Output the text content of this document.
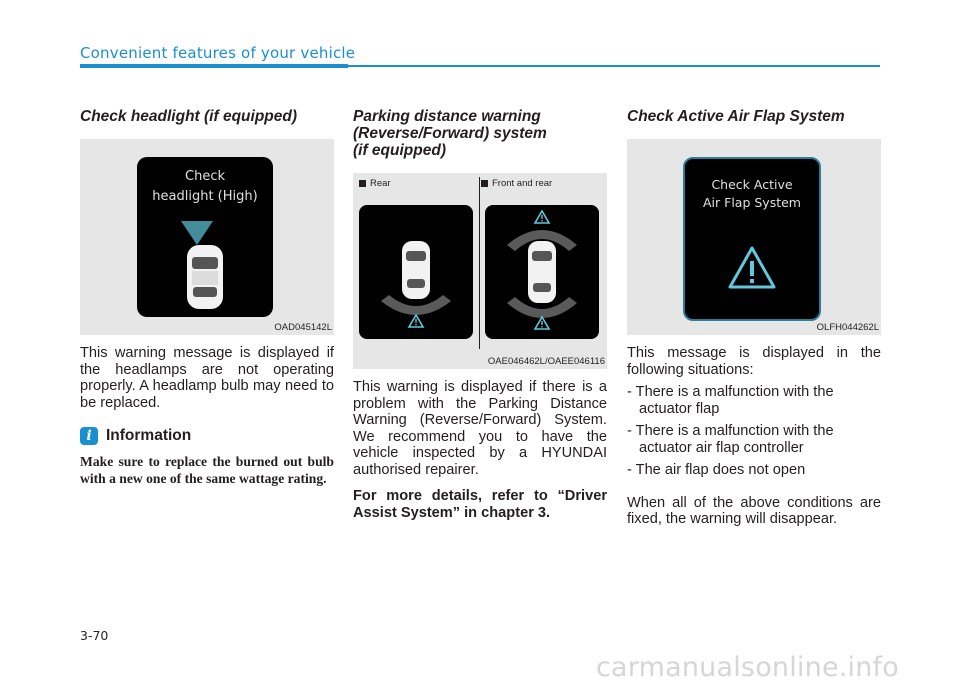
Convenient features of your vehicle
Check headlight (if equipped)
Check
headlight (High)
OAD045142L

This warning message is displayed if the headlamps are not operating properly. A headlamp bulb may need to be replaced.

i Information

Make sure to replace the burned out bulb with a new one of the same wattage rating.

Parking distance warning
(Reverse/Forward) system
(if equipped)
Rear	Front and rear
OAE046462L/OAEE046116

This warning is displayed if there is a problem with the Parking Distance Warning (Reverse/Forward) System. We recommend you to have the vehicle inspected by a HYUNDAI authorised repairer.

For more details, refer to “Driver Assist System” in chapter 3.

Check Active Air Flap System
Check Active
Air Flap System
OLFH044262L

This message is displayed in the following situations:

- There is a malfunction with the actuator flap
- There is a malfunction with the actuator air flap controller
- The air flap does not open

When all of the above conditions are fixed, the warning will disappear.

3-70
carmanualsonline.info
